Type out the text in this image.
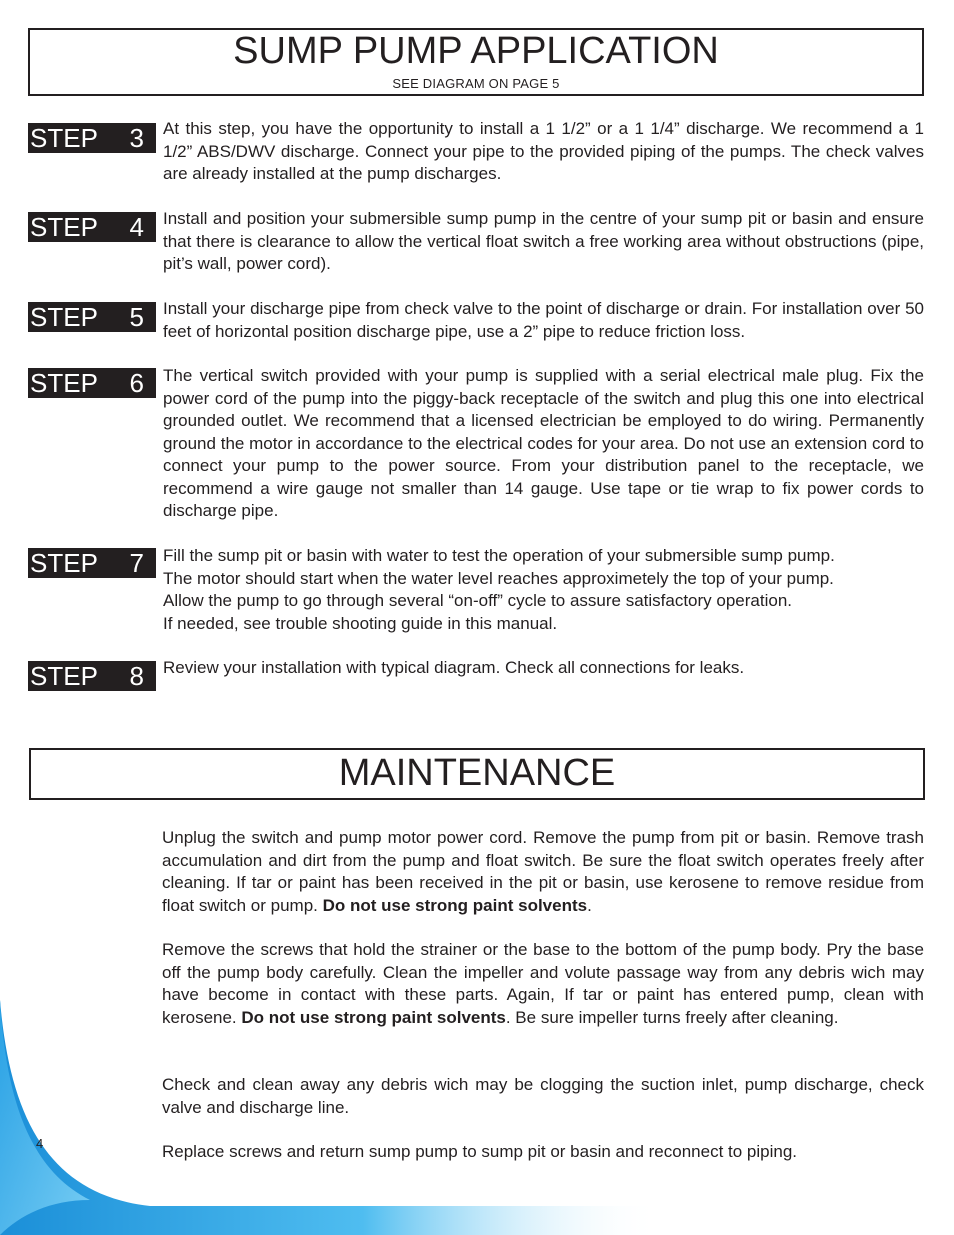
SUMP PUMP APPLICATION
SEE DIAGRAM ON PAGE 5
STEP 3 At this step, you have the opportunity to install a 1 1/2” or a 1 1/4” discharge. We recommend a 1 1/2” ABS/DWV discharge. Connect your pipe to the provided piping of the pumps. The check valves are already installed at the pump discharges.
STEP 4 Install and position your submersible sump pump in the centre of your sump pit or basin and ensure that there is clearance to allow the vertical float switch a free working area without obstructions (pipe, pit’s wall, power cord).
STEP 5 Install your discharge pipe from check valve to the point of discharge or drain. For installation over 50 feet of horizontal position discharge pipe, use a 2” pipe to reduce friction loss.
STEP 6 The vertical switch provided with your pump is supplied with a serial electrical male plug. Fix the power cord of the pump into the piggy-back receptacle of the switch and plug this one into electrical grounded outlet. We recommend that a licensed electrician be employed to do wiring. Permanently ground the motor in accordance to the electrical codes for your area. Do not use an extension cord to connect your pump to the power source. From your distribution panel to the receptacle, we recommend a wire gauge not smaller than 14 gauge. Use tape or tie wrap to fix power cords to discharge pipe.
STEP 7 Fill the sump pit or basin with water to test the operation of your submersible sump pump.
The motor should start when the water level reaches approximetely the top of your pump.
Allow the pump to go through several “on-off” cycle to assure satisfactory operation.
If needed, see trouble shooting guide in this manual.
STEP 8 Review your installation with typical diagram. Check all connections for leaks.
MAINTENANCE
Unplug the switch and pump motor power cord. Remove the pump from pit or basin. Remove trash accumulation and dirt from the pump and float switch. Be sure the float switch operates freely after cleaning. If tar or paint has been received in the pit or basin, use kerosene to remove residue from float switch or pump. Do not use strong paint solvents.
Remove the screws that hold the strainer or the base to the bottom of the pump body. Pry the base off the pump body carefully. Clean the impeller and volute passage way from any debris wich may have become in contact with these parts. Again, If tar or paint has entered pump, clean with kerosene. Do not use strong paint solvents. Be sure impeller turns freely after cleaning.
Check and clean away any debris wich may be clogging the suction inlet, pump discharge, check valve and discharge line.
Replace screws and return sump pump to sump pit or basin and reconnect to piping.
4
